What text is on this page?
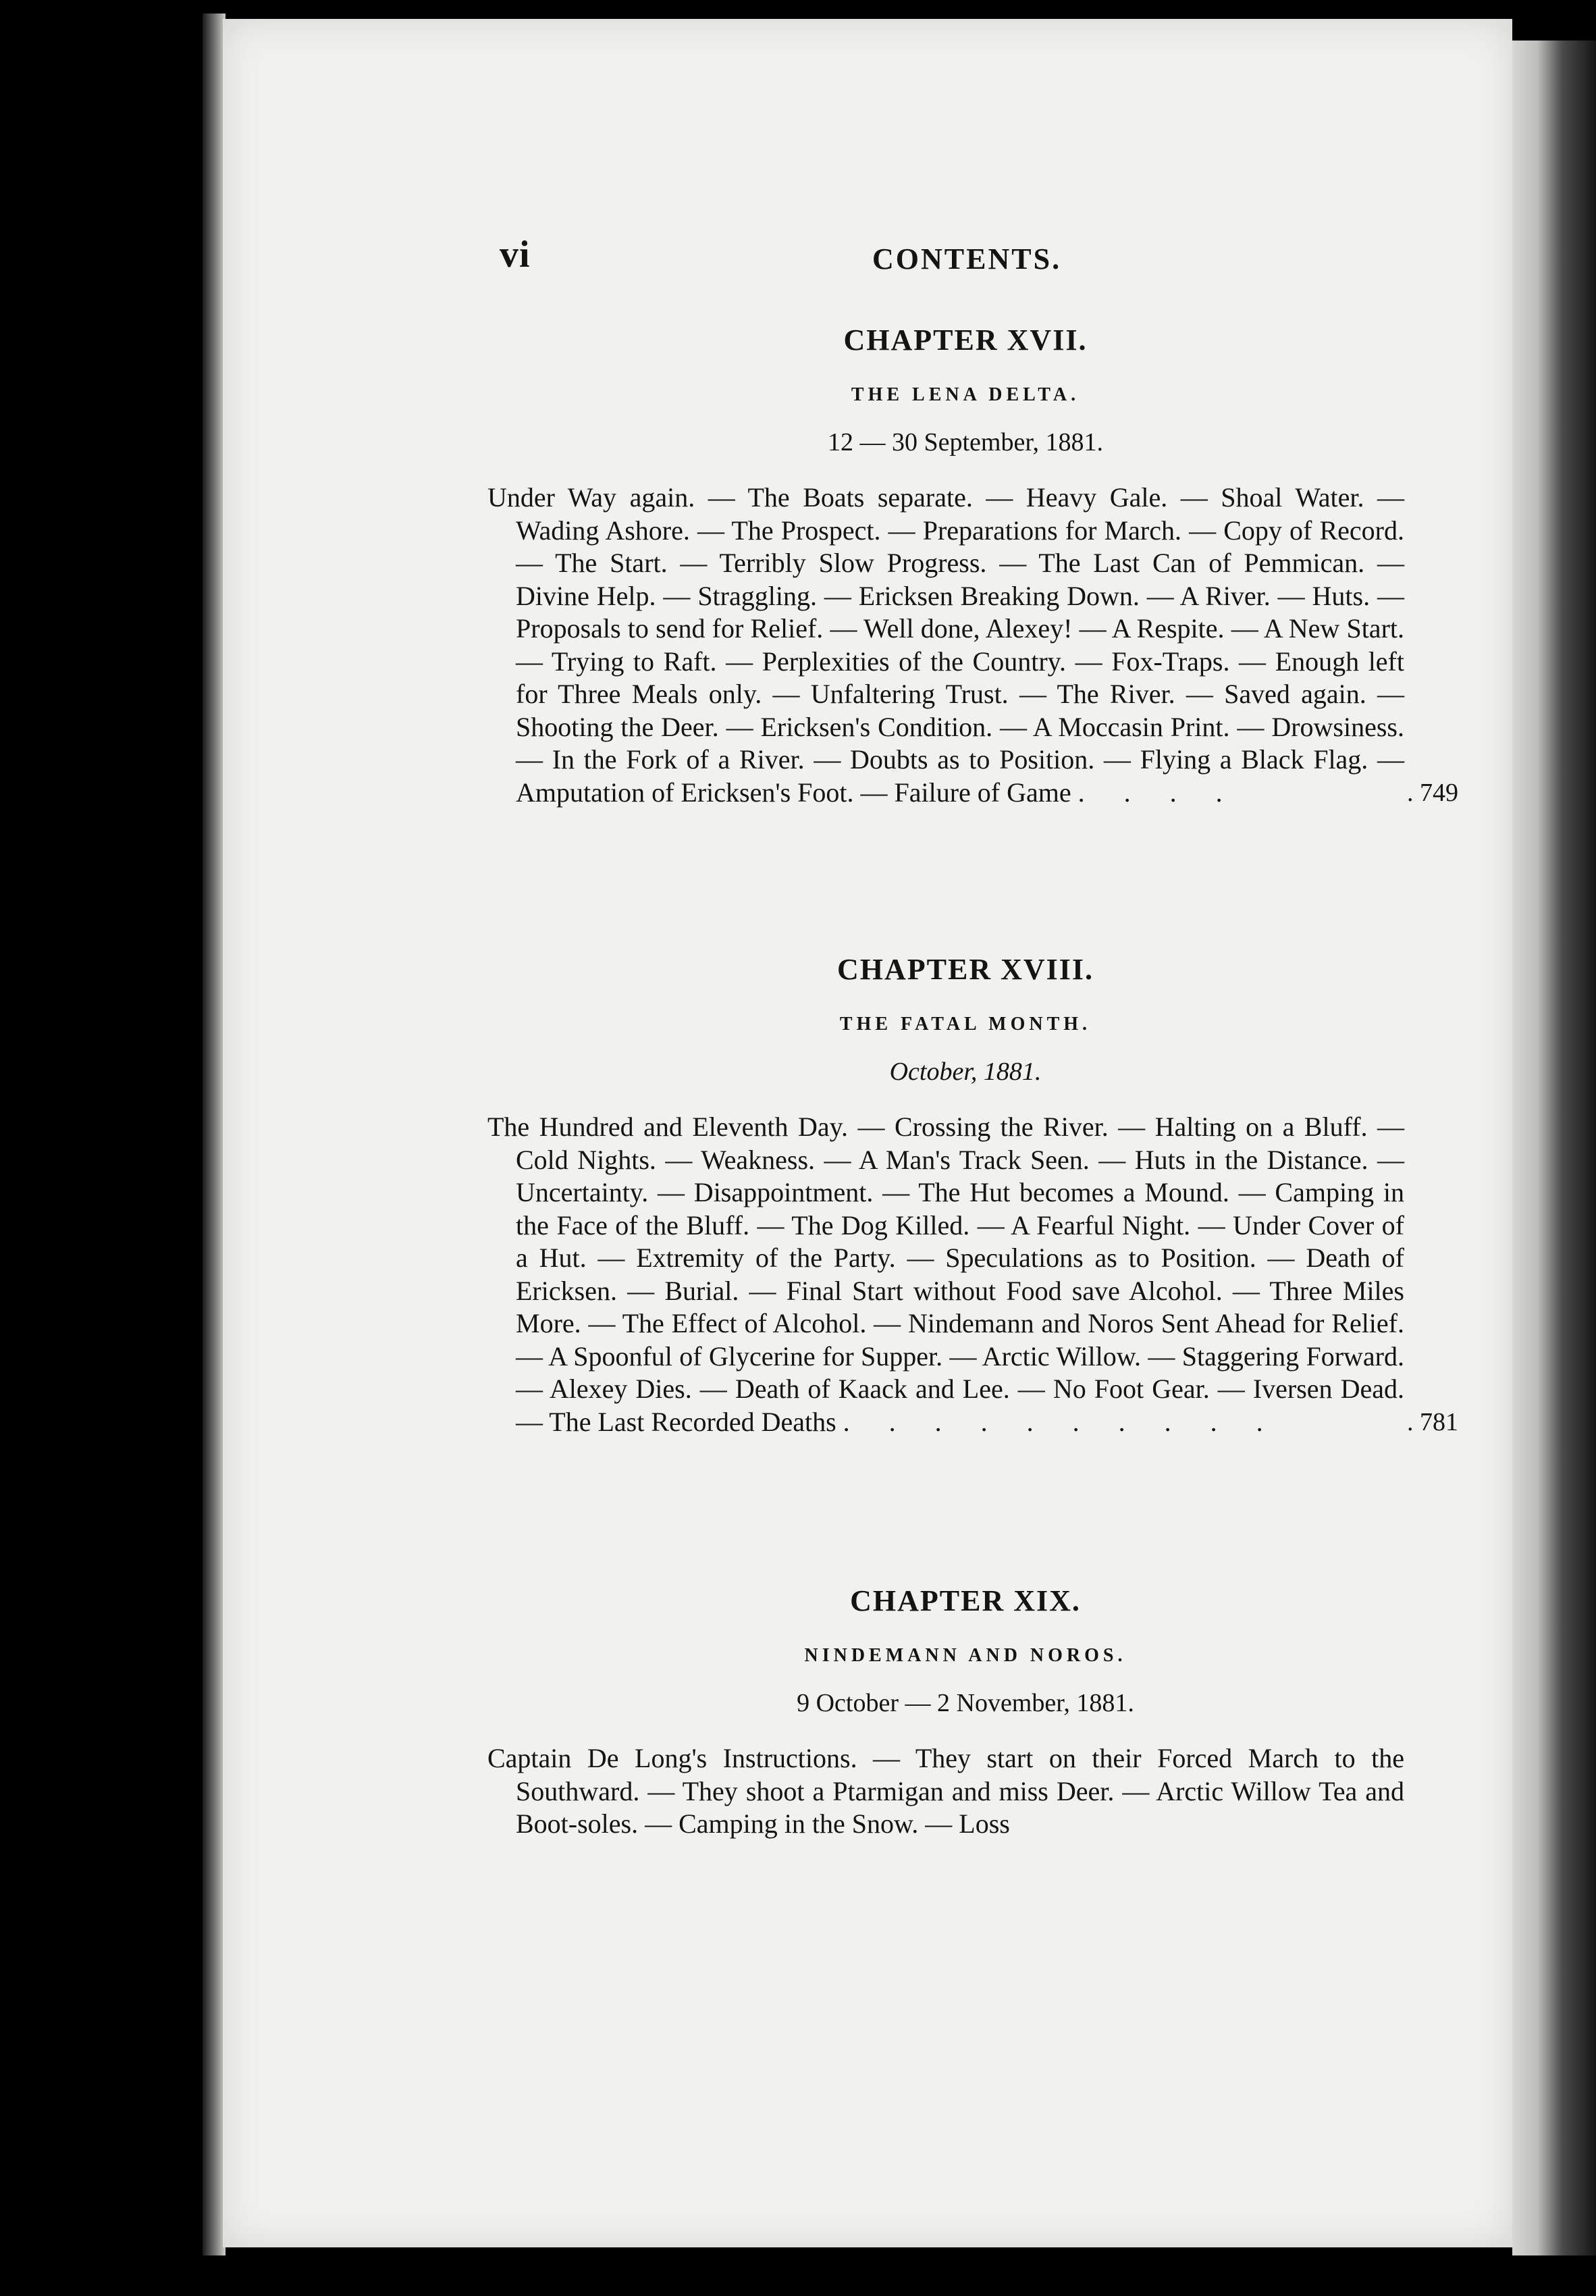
vi	CONTENTS.
CHAPTER XVII.
THE LENA DELTA.
12 — 30 September, 1881.
Under Way again. — The Boats separate. — Heavy Gale. — Shoal Water. — Wading Ashore. — The Prospect. — Preparations for March. — Copy of Record. — The Start. — Terribly Slow Progress. — The Last Can of Pemmican. — Divine Help. — Straggling. — Ericksen Breaking Down. — A River. — Huts. — Proposals to send for Relief. — Well done, Alexey! — A Respite. — A New Start. — Trying to Raft. — Perplexities of the Country. — Fox-Traps. — Enough left for Three Meals only. — Unfaltering Trust. — The River. — Saved again. — Shooting the Deer. — Ericksen's Condition. — A Moccasin Print. — Drowsiness. — In the Fork of a River. — Doubts as to Position. — Flying a Black Flag. — Amputation of Ericksen's Foot. — Failure of Game . . . .	. 749
CHAPTER XVIII.
THE FATAL MONTH.
October, 1881.
The Hundred and Eleventh Day. — Crossing the River. — Halting on a Bluff. — Cold Nights. — Weakness. — A Man's Track Seen. — Huts in the Distance. — Uncertainty. — Disappointment. — The Hut becomes a Mound. — Camping in the Face of the Bluff. — The Dog Killed. — A Fearful Night. — Under Cover of a Hut. — Extremity of the Party. — Speculations as to Position. — Death of Ericksen. — Burial. — Final Start without Food save Alcohol. — Three Miles More. — The Effect of Alcohol. — Nindemann and Noros Sent Ahead for Relief. — A Spoonful of Glycerine for Supper. — Arctic Willow. — Staggering Forward. — Alexey Dies. — Death of Kaack and Lee. — No Foot Gear. — Iversen Dead. — The Last Recorded Deaths . . . . . . . . . .	. 781
CHAPTER XIX.
NINDEMANN AND NOROS.
9 October — 2 November, 1881.
Captain De Long's Instructions. — They start on their Forced March to the Southward. — They shoot a Ptarmigan and miss Deer. — Arctic Willow Tea and Boot-soles. — Camping in the Snow. — Loss
